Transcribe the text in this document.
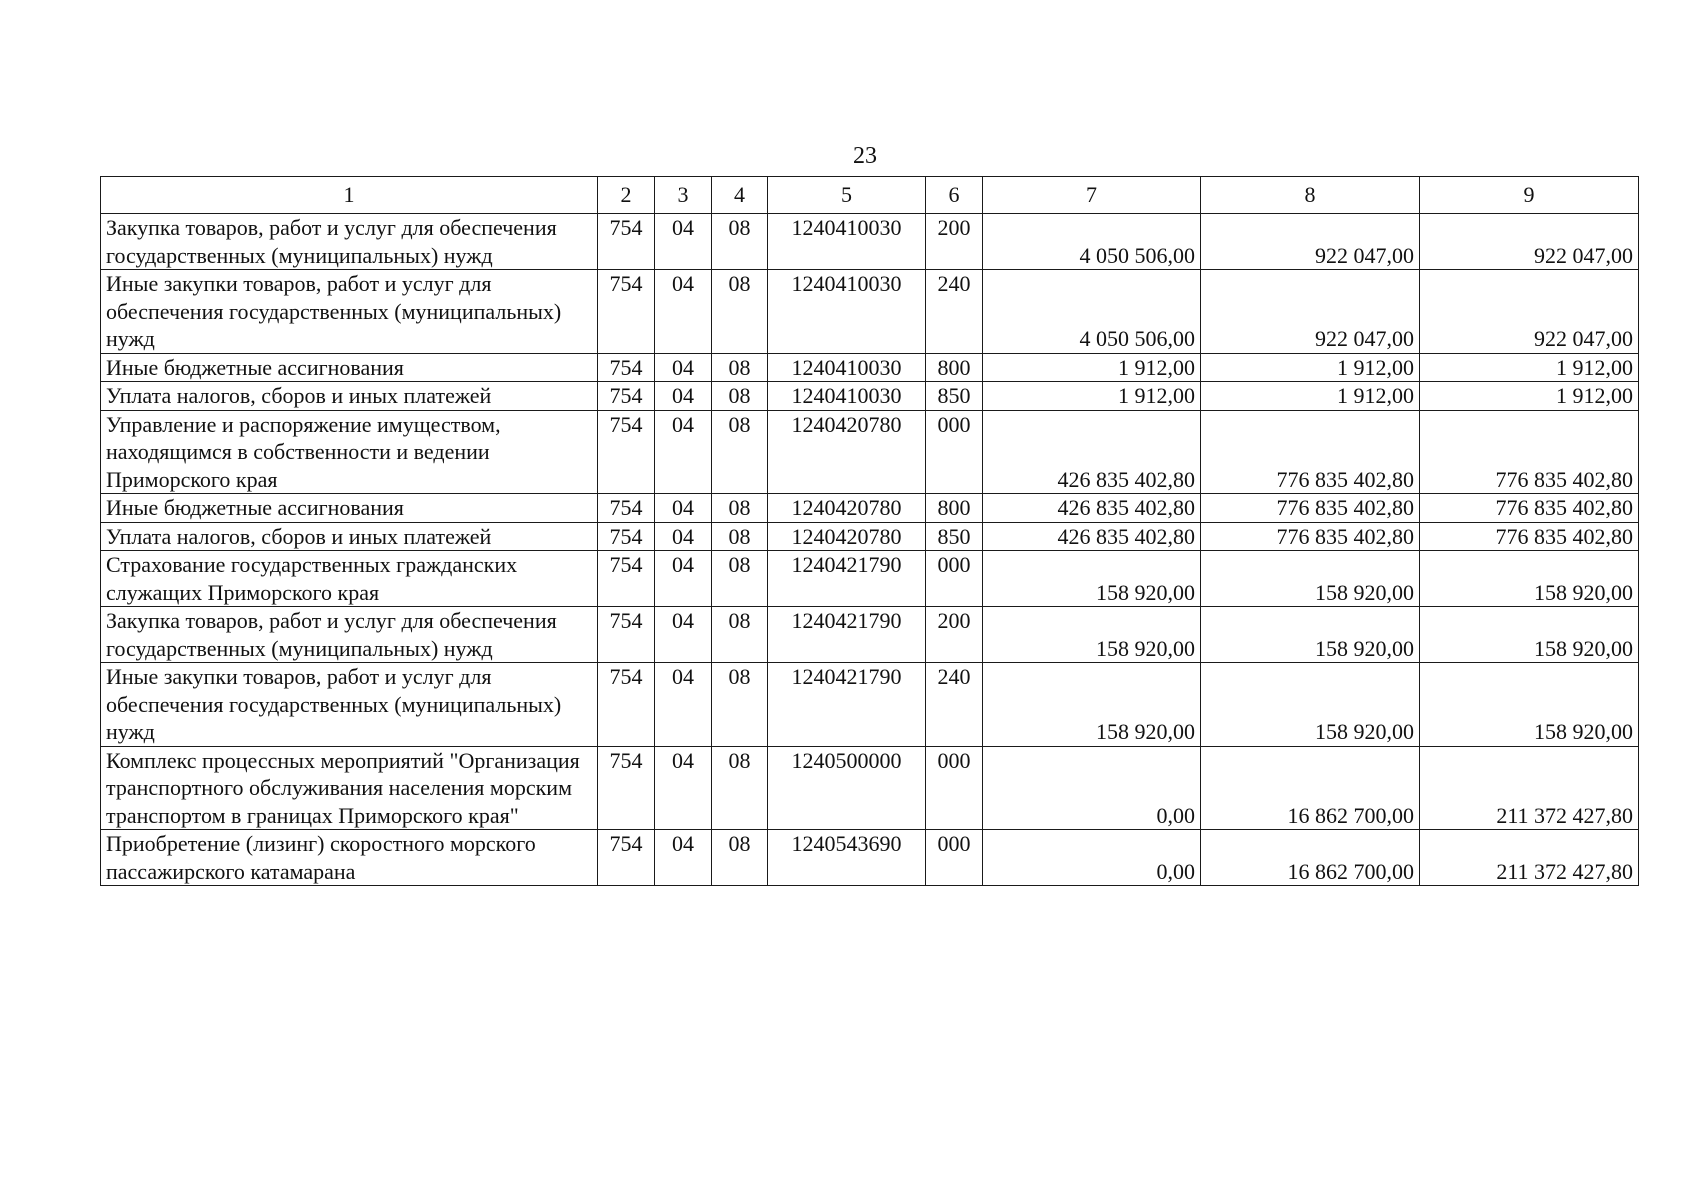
23
1	2	3	4	5	6	7	8	9
Закупка товаров, работ и услуг для обеспечения государственных (муниципальных) нужд	754	04	08	1240410030	200	4 050 506,00	922 047,00	922 047,00
Иные закупки товаров, работ и услуг для обеспечения государственных (муниципальных) нужд	754	04	08	1240410030	240	4 050 506,00	922 047,00	922 047,00
Иные бюджетные ассигнования	754	04	08	1240410030	800	1 912,00	1 912,00	1 912,00
Уплата налогов, сборов и иных платежей	754	04	08	1240410030	850	1 912,00	1 912,00	1 912,00
Управление и распоряжение имуществом, находящимся в собственности и ведении Приморского края	754	04	08	1240420780	000	426 835 402,80	776 835 402,80	776 835 402,80
Иные бюджетные ассигнования	754	04	08	1240420780	800	426 835 402,80	776 835 402,80	776 835 402,80
Уплата налогов, сборов и иных платежей	754	04	08	1240420780	850	426 835 402,80	776 835 402,80	776 835 402,80
Страхование государственных гражданских служащих Приморского края	754	04	08	1240421790	000	158 920,00	158 920,00	158 920,00
Закупка товаров, работ и услуг для обеспечения государственных (муниципальных) нужд	754	04	08	1240421790	200	158 920,00	158 920,00	158 920,00
Иные закупки товаров, работ и услуг для обеспечения государственных (муниципальных) нужд	754	04	08	1240421790	240	158 920,00	158 920,00	158 920,00
Комплекс процессных мероприятий "Организация транспортного обслуживания населения морским транспортом в границах Приморского края"	754	04	08	1240500000	000	0,00	16 862 700,00	211 372 427,80
Приобретение (лизинг) скоростного морского пассажирского катамарана	754	04	08	1240543690	000	0,00	16 862 700,00	211 372 427,80
